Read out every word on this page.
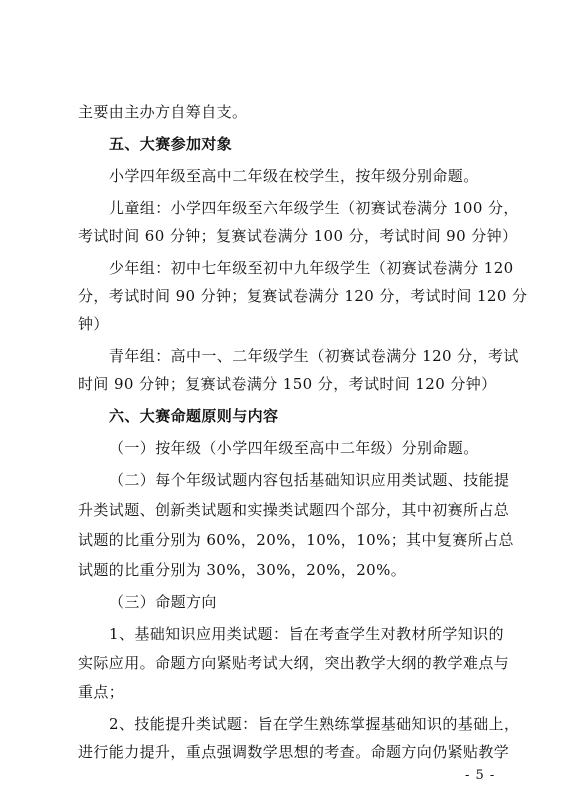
主要由主办方自筹自支。
五、大赛参加对象
小学四年级至高中二年级在校学生，按年级分别命题。
儿童组：小学四年级至六年级学生（初赛试卷满分 100 分，
考试时间 60 分钟；复赛试卷满分 100 分，考试时间 90 分钟）
少年组：初中七年级至初中九年级学生（初赛试卷满分 120
分，考试时间 90 分钟；复赛试卷满分 120 分，考试时间 120 分
钟）
青年组：高中一、二年级学生（初赛试卷满分 120 分，考试
时间 90 分钟；复赛试卷满分 150 分，考试时间 120 分钟）
六、大赛命题原则与内容
（一）按年级（小学四年级至高中二年级）分别命题。
（二）每个年级试题内容包括基础知识应用类试题、技能提
升类试题、创新类试题和实操类试题四个部分，其中初赛所占总
试题的比重分别为 60%，20%，10%，10%；其中复赛所占总
试题的比重分别为 30%，30%，20%，20%。
（三）命题方向
1、基础知识应用类试题：旨在考查学生对教材所学知识的
实际应用。命题方向紧贴考试大纲，突出教学大纲的教学难点与
重点；
2、技能提升类试题：旨在学生熟练掌握基础知识的基础上，
进行能力提升，重点强调数学思想的考查。命题方向仍紧贴教学
- 5 -
